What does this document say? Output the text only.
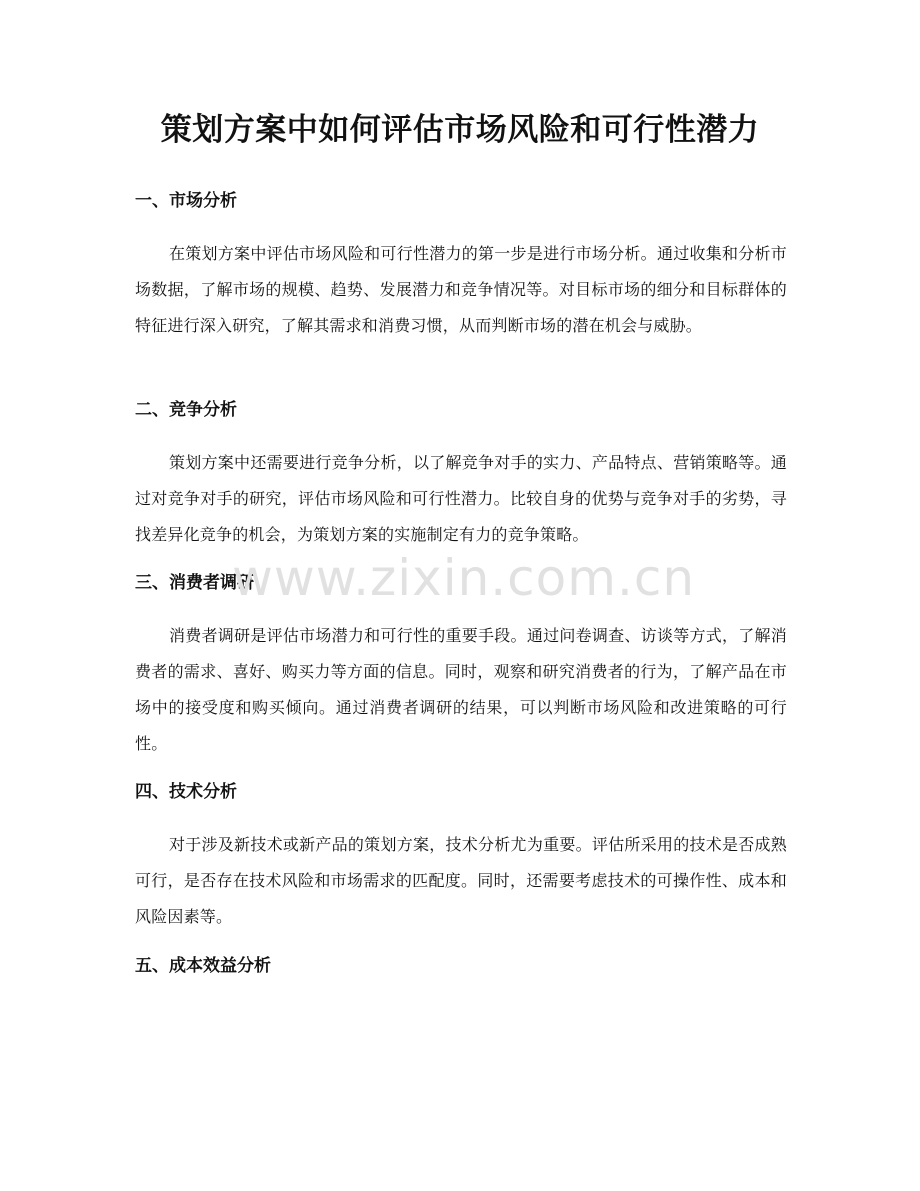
策划方案中如何评估市场风险和可行性潜力
一、市场分析

在策划方案中评估市场风险和可行性潜力的第一步是进行市场分析。通过收集和分析市场数据，了解市场的规模、趋势、发展潜力和竞争情况等。对目标市场的细分和目标群体的特征进行深入研究，了解其需求和消费习惯，从而判断市场的潜在机会与威胁。

二、竞争分析

策划方案中还需要进行竞争分析，以了解竞争对手的实力、产品特点、营销策略等。通过对竞争对手的研究，评估市场风险和可行性潜力。比较自身的优势与竞争对手的劣势，寻找差异化竞争的机会，为策划方案的实施制定有力的竞争策略。

三、消费者调研

消费者调研是评估市场潜力和可行性的重要手段。通过问卷调查、访谈等方式，了解消费者的需求、喜好、购买力等方面的信息。同时，观察和研究消费者的行为，了解产品在市场中的接受度和购买倾向。通过消费者调研的结果，可以判断市场风险和改进策略的可行性。

四、技术分析

对于涉及新技术或新产品的策划方案，技术分析尤为重要。评估所采用的技术是否成熟可行，是否存在技术风险和市场需求的匹配度。同时，还需要考虑技术的可操作性、成本和风险因素等。

五、成本效益分析
www.zixin.com.cn
